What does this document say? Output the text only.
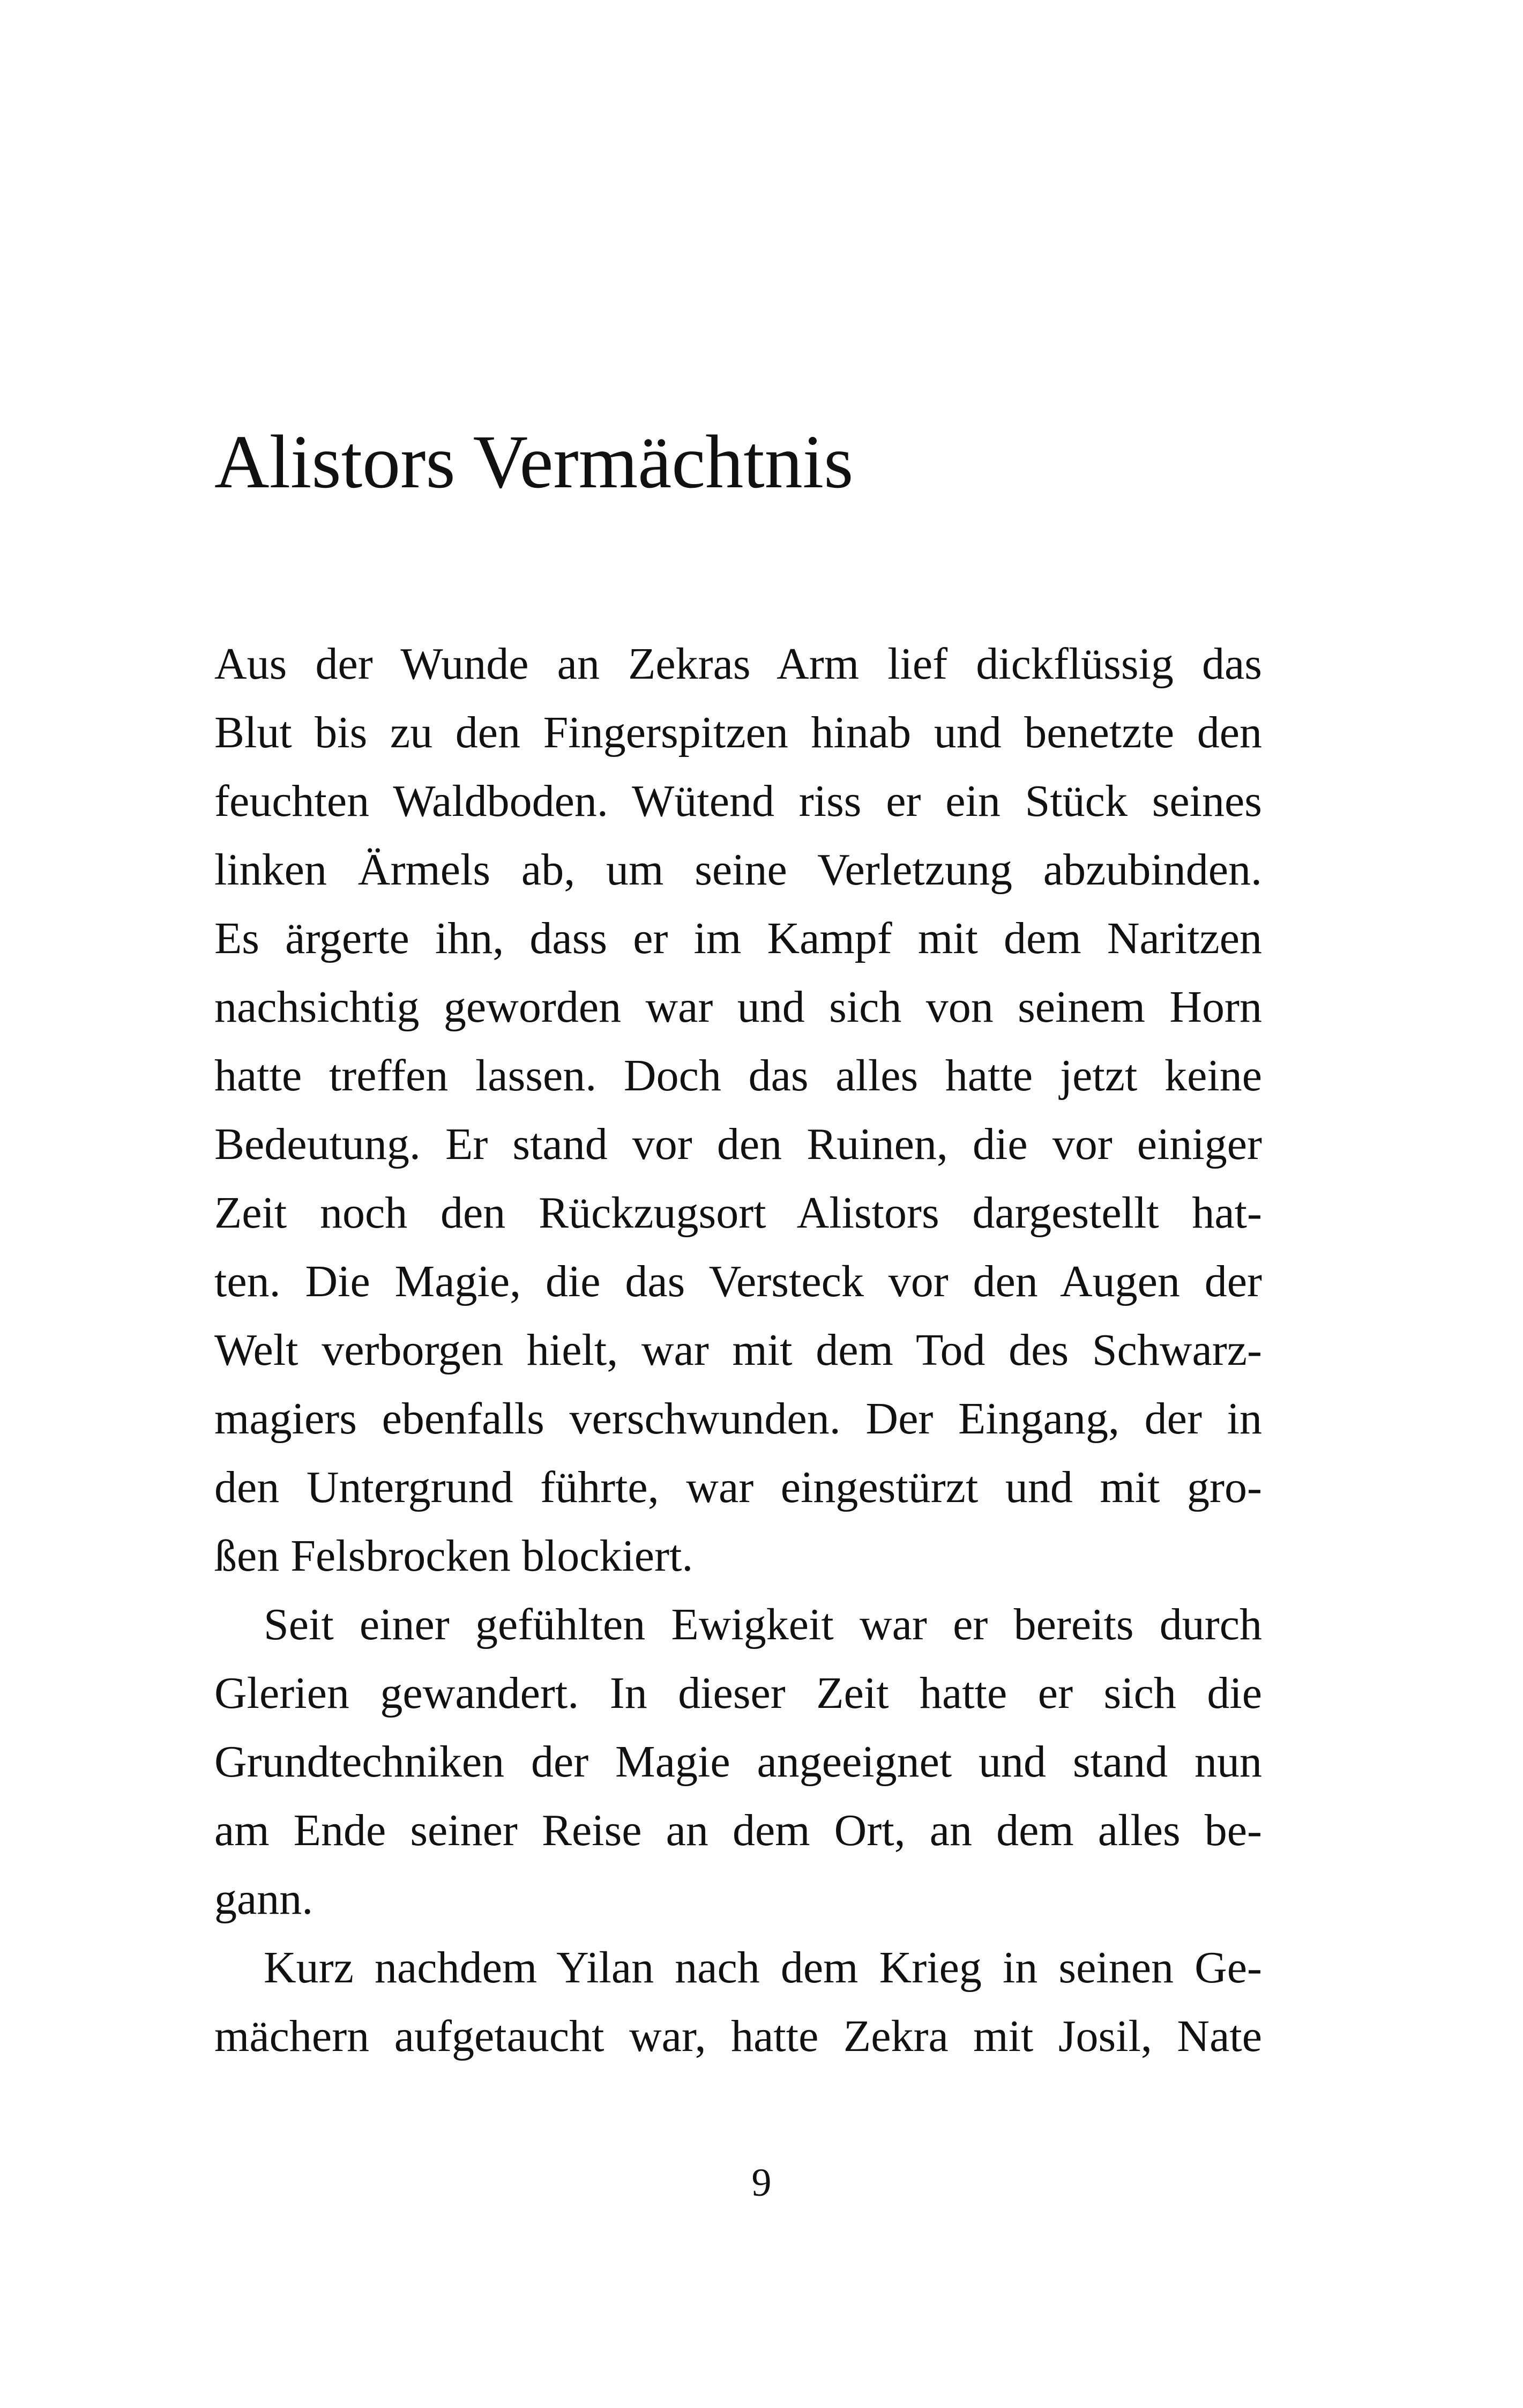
Alistors Vermächtnis
Aus der Wunde an Zekras Arm lief dickflüssig das
Blut bis zu den Fingerspitzen hinab und benetzte den
feuchten Waldboden. Wütend riss er ein Stück seines
linken Ärmels ab, um seine Verletzung abzubinden.
Es ärgerte ihn, dass er im Kampf mit dem Naritzen
nachsichtig geworden war und sich von seinem Horn
hatte treffen lassen. Doch das alles hatte jetzt keine
Bedeutung. Er stand vor den Ruinen, die vor einiger
Zeit noch den Rückzugsort Alistors dargestellt hat-
ten. Die Magie, die das Versteck vor den Augen der
Welt verborgen hielt, war mit dem Tod des Schwarz-
magiers ebenfalls verschwunden. Der Eingang, der in
den Untergrund führte, war eingestürzt und mit gro-
ßen Felsbrocken blockiert.
Seit einer gefühlten Ewigkeit war er bereits durch
Glerien gewandert. In dieser Zeit hatte er sich die
Grundtechniken der Magie angeeignet und stand nun
am Ende seiner Reise an dem Ort, an dem alles be-
gann.
Kurz nachdem Yilan nach dem Krieg in seinen Ge-
mächern aufgetaucht war, hatte Zekra mit Josil, Nate
9
